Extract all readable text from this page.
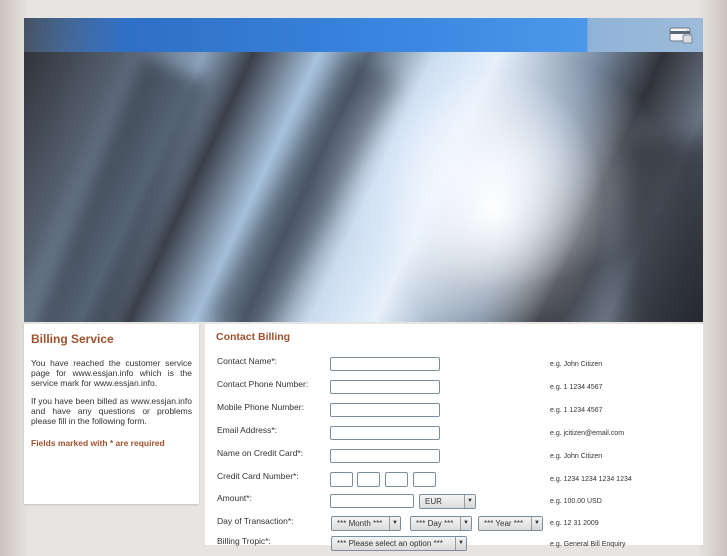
Billing Service

You have reached the customer service page for www.essjan.info which is the service mark for www.essjan.info.

If you have been billed as www.essjan.info and have any questions or problems please fill in the following form.

Fields marked with * are required
Contact Billing
Contact Name*:	e.g. John Citizen
Contact Phone Number:	e.g. 1 1234 4567
Mobile Phone Number:	e.g. 1 1234 4567
Email Address*:	e.g. jcitizen@email.com
Name on Credit Card*:	e.g. John Citizen
Credit Card Number*:	e.g. 1234 1234 1234 1234
Amount*:	EUR	▼	e.g. 100.00 USD
Day of Transaction*:	*** Month ***	▼	*** Day ***	▼	*** Year ***	▼ e.g. 12 31 2009
Billing Tropic*:	*** Please select an option ***	▼	e.g. General Bill Enquiry
